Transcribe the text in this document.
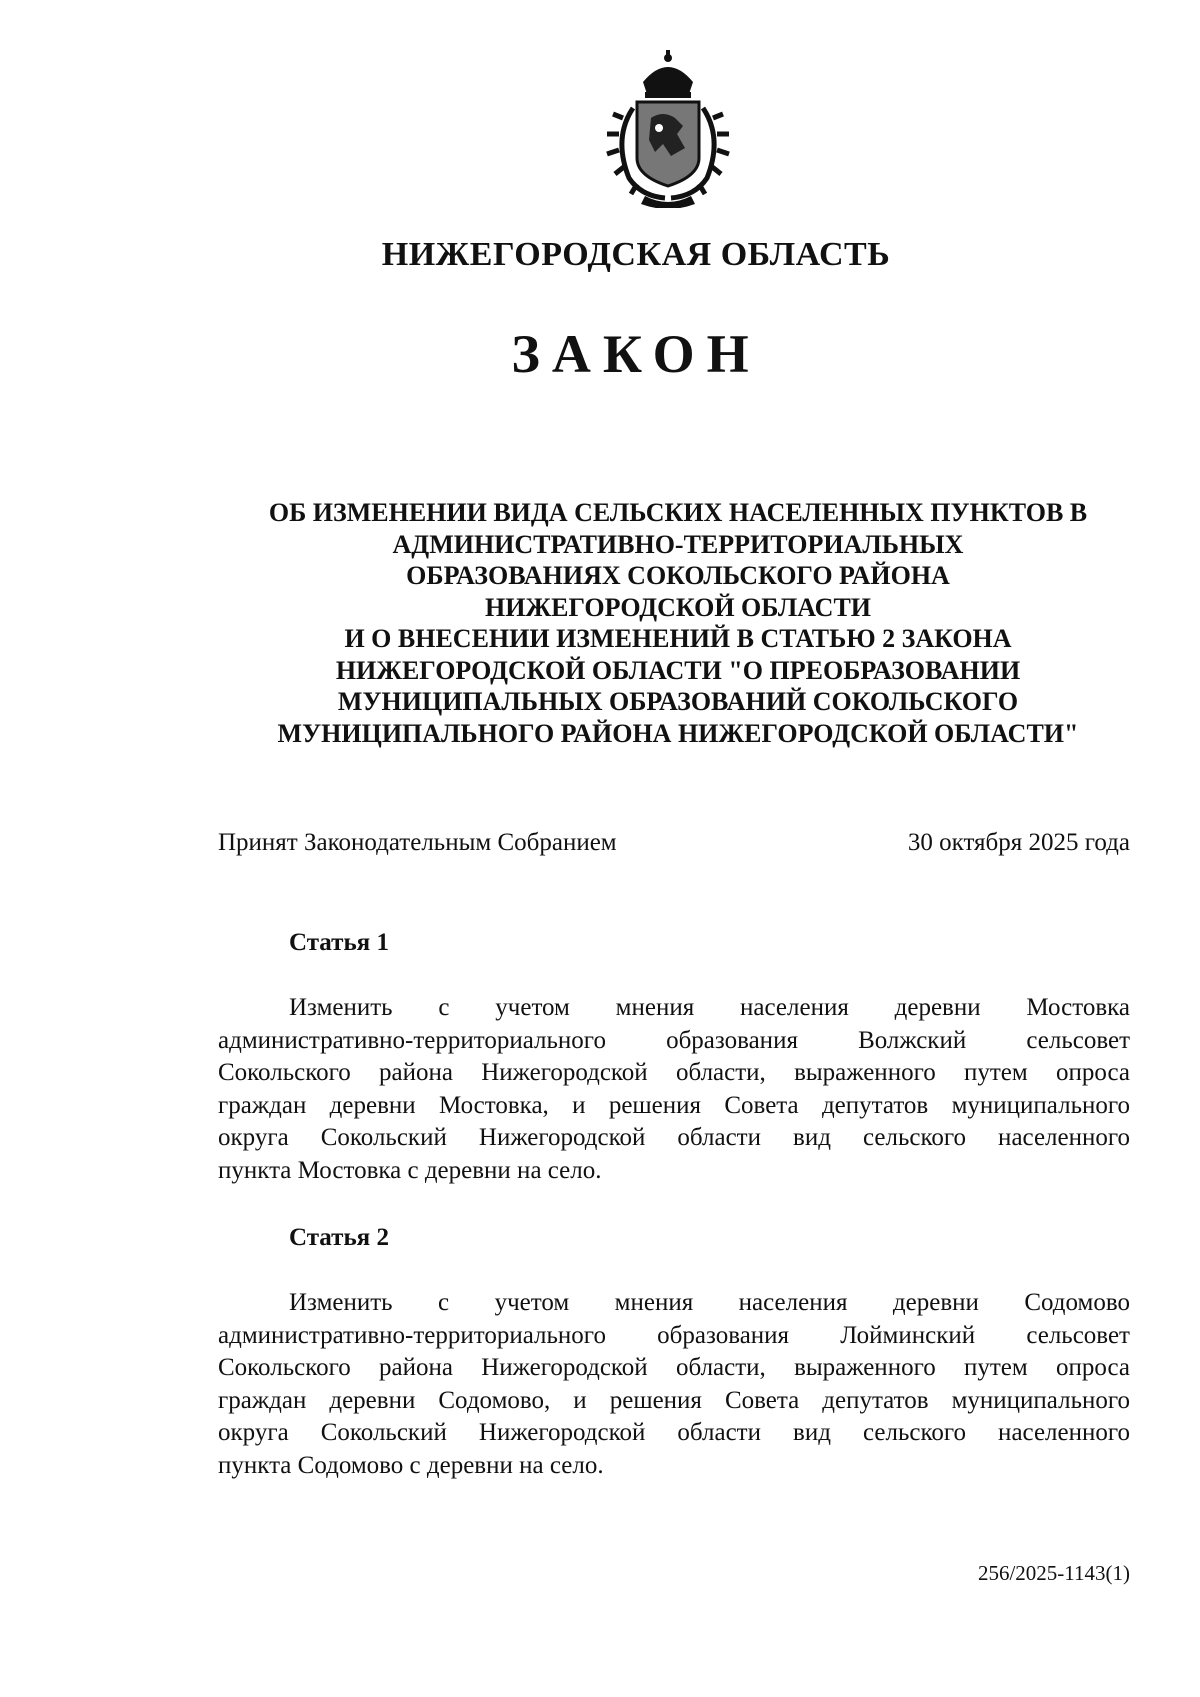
НИЖЕГОРОДСКАЯ ОБЛАСТЬ
ЗАКОН
ОБ ИЗМЕНЕНИИ ВИДА СЕЛЬСКИХ НАСЕЛЕННЫХ ПУНКТОВ В
АДМИНИСТРАТИВНО-ТЕРРИТОРИАЛЬНЫХ
ОБРАЗОВАНИЯХ СОКОЛЬСКОГО РАЙОНА
НИЖЕГОРОДСКОЙ ОБЛАСТИ
И О ВНЕСЕНИИ ИЗМЕНЕНИЙ В СТАТЬЮ 2 ЗАКОНА
НИЖЕГОРОДСКОЙ ОБЛАСТИ "О ПРЕОБРАЗОВАНИИ
МУНИЦИПАЛЬНЫХ ОБРАЗОВАНИЙ СОКОЛЬСКОГО
МУНИЦИПАЛЬНОГО РАЙОНА НИЖЕГОРОДСКОЙ ОБЛАСТИ"
Принят Законодательным Собранием	30 октября 2025 года
Статья 1
Изменить с учетом мнения населения деревни Мостовка
административно-территориального образования Волжский сельсовет
Сокольского района Нижегородской области, выраженного путем опроса
граждан деревни Мостовка, и решения Совета депутатов муниципального
округа Сокольский Нижегородской области вид сельского населенного
пункта Мостовка с деревни на село.
Статья 2
Изменить с учетом мнения населения деревни Содомово
административно-территориального образования Лойминский сельсовет
Сокольского района Нижегородской области, выраженного путем опроса
граждан деревни Содомово, и решения Совета депутатов муниципального
округа Сокольский Нижегородской области вид сельского населенного
пункта Содомово с деревни на село.
256/2025-1143(1)
